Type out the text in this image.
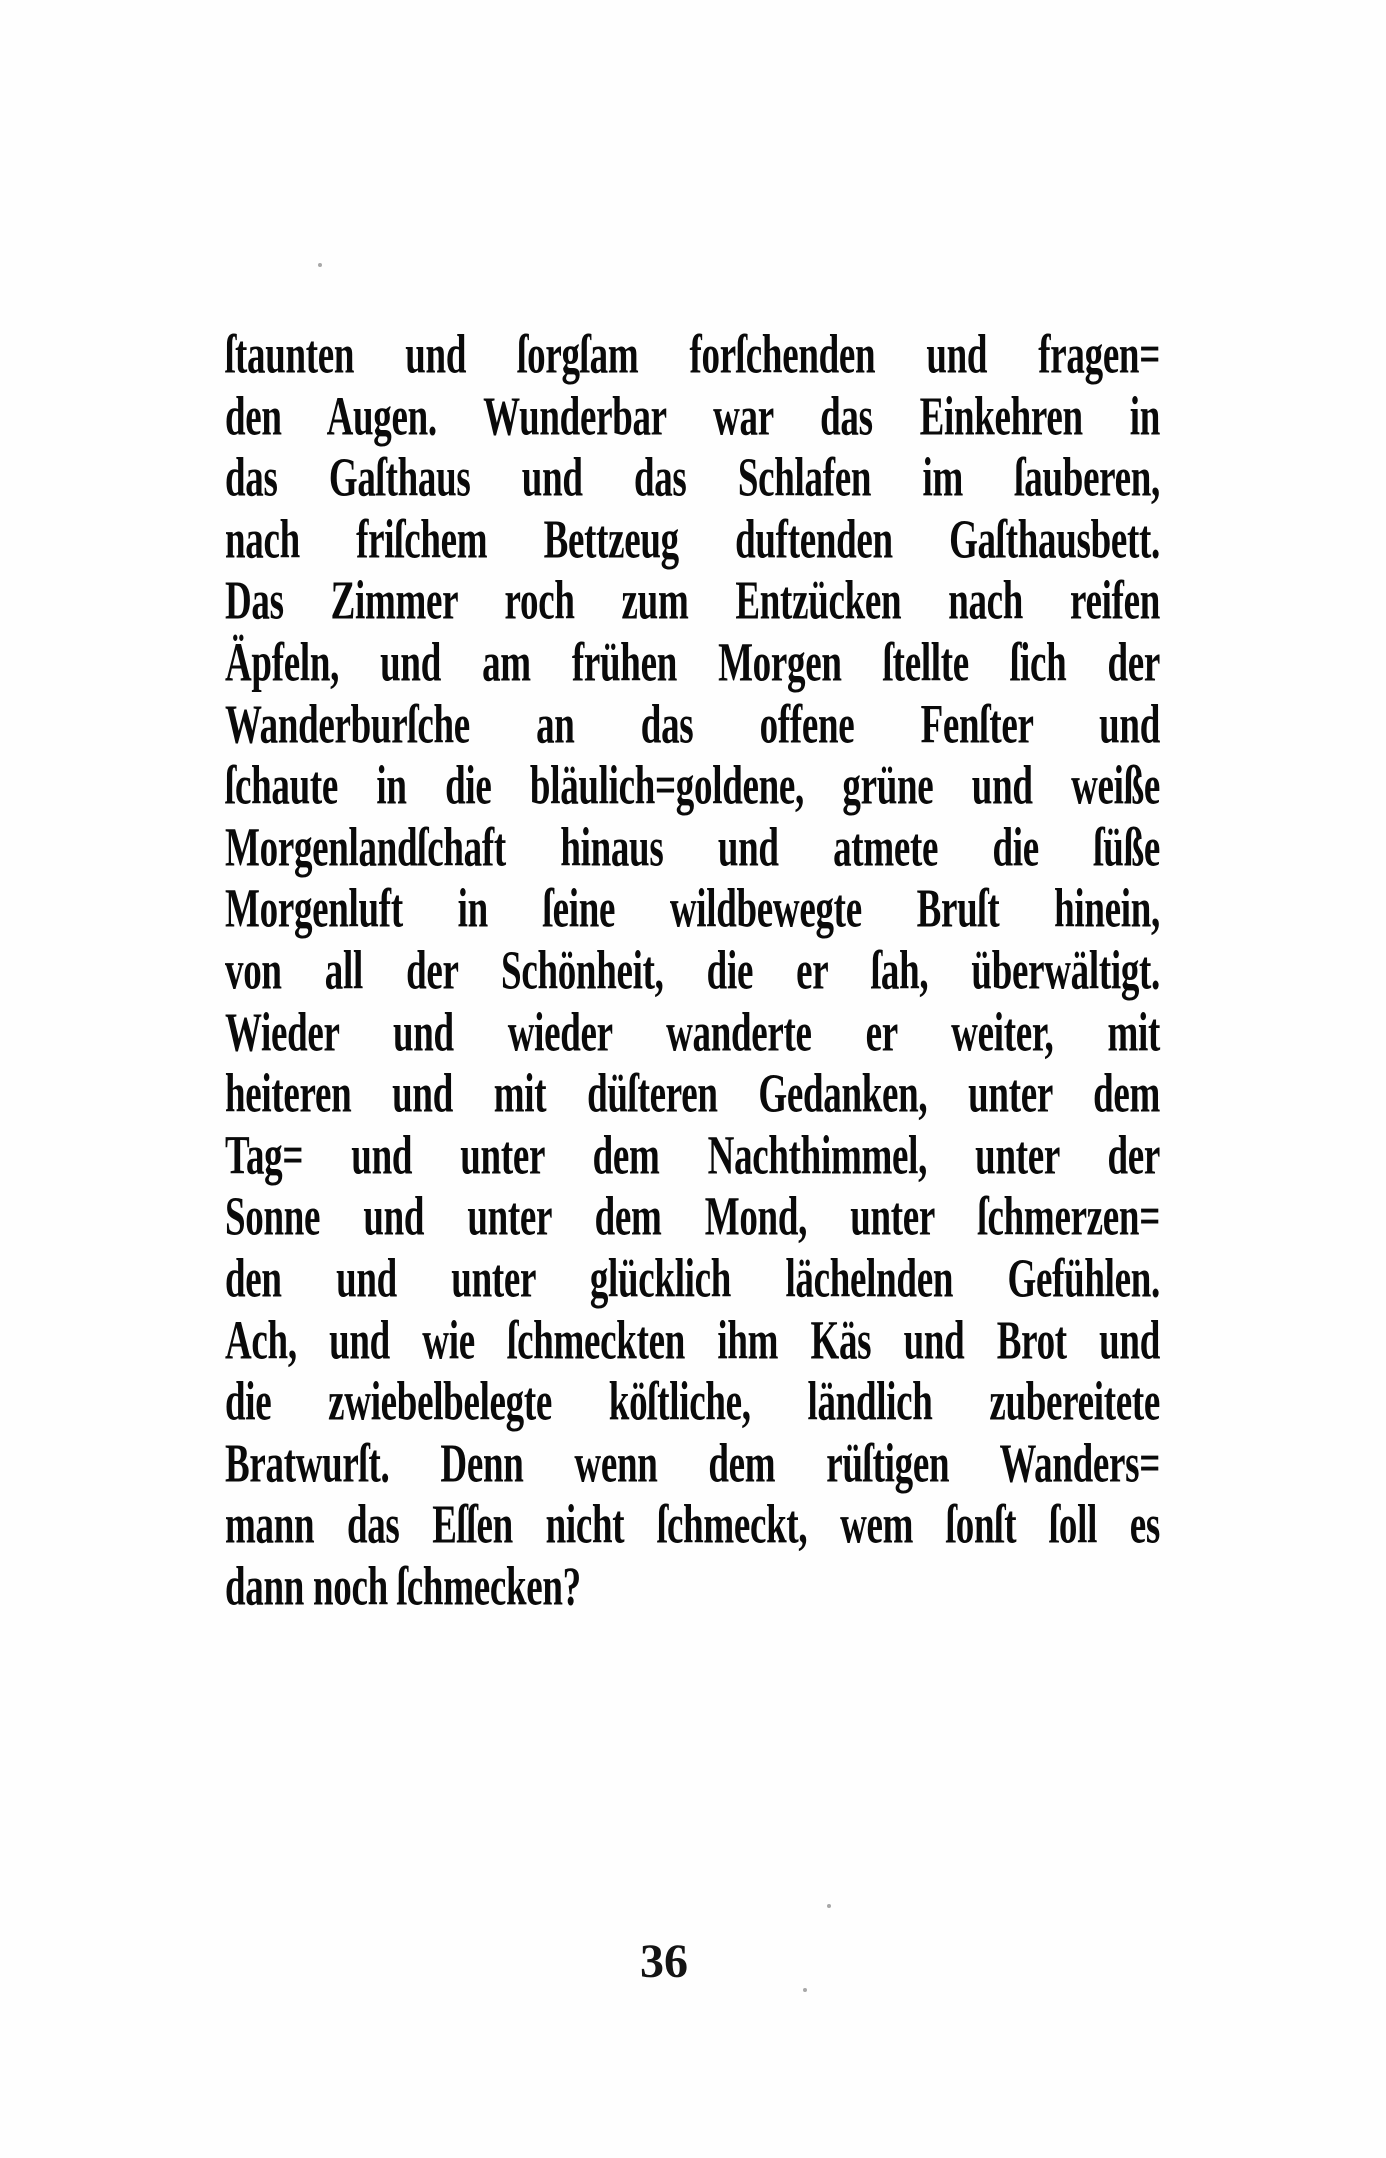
ſtaunten und ſorgſam forſchenden und fragen=
den Augen. Wunderbar war das Einkehren in
das Gaſthaus und das Schlafen im ſauberen,
nach friſchem Bettzeug duftenden Gaſthausbett.
Das Zimmer roch zum Entzücken nach reifen
Äpfeln, und am frühen Morgen ſtellte ſich der
Wanderburſche an das offene Fenſter und
ſchaute in die bläulich=goldene, grüne und weiße
Morgenlandſchaft hinaus und atmete die ſüße
Morgenluft in ſeine wildbewegte Bruſt hinein,
von all der Schönheit, die er ſah, überwältigt.
Wieder und wieder wanderte er weiter, mit
heiteren und mit düſteren Gedanken, unter dem
Tag= und unter dem Nachthimmel, unter der
Sonne und unter dem Mond, unter ſchmerzen=
den und unter glücklich lächelnden Gefühlen.
Ach, und wie ſchmeckten ihm Käs und Brot und
die zwiebelbelegte köſtliche, ländlich zubereitete
Bratwurſt. Denn wenn dem rüſtigen Wanders=
mann das Eſſen nicht ſchmeckt, wem ſonſt ſoll es
dann noch ſchmecken?
36
